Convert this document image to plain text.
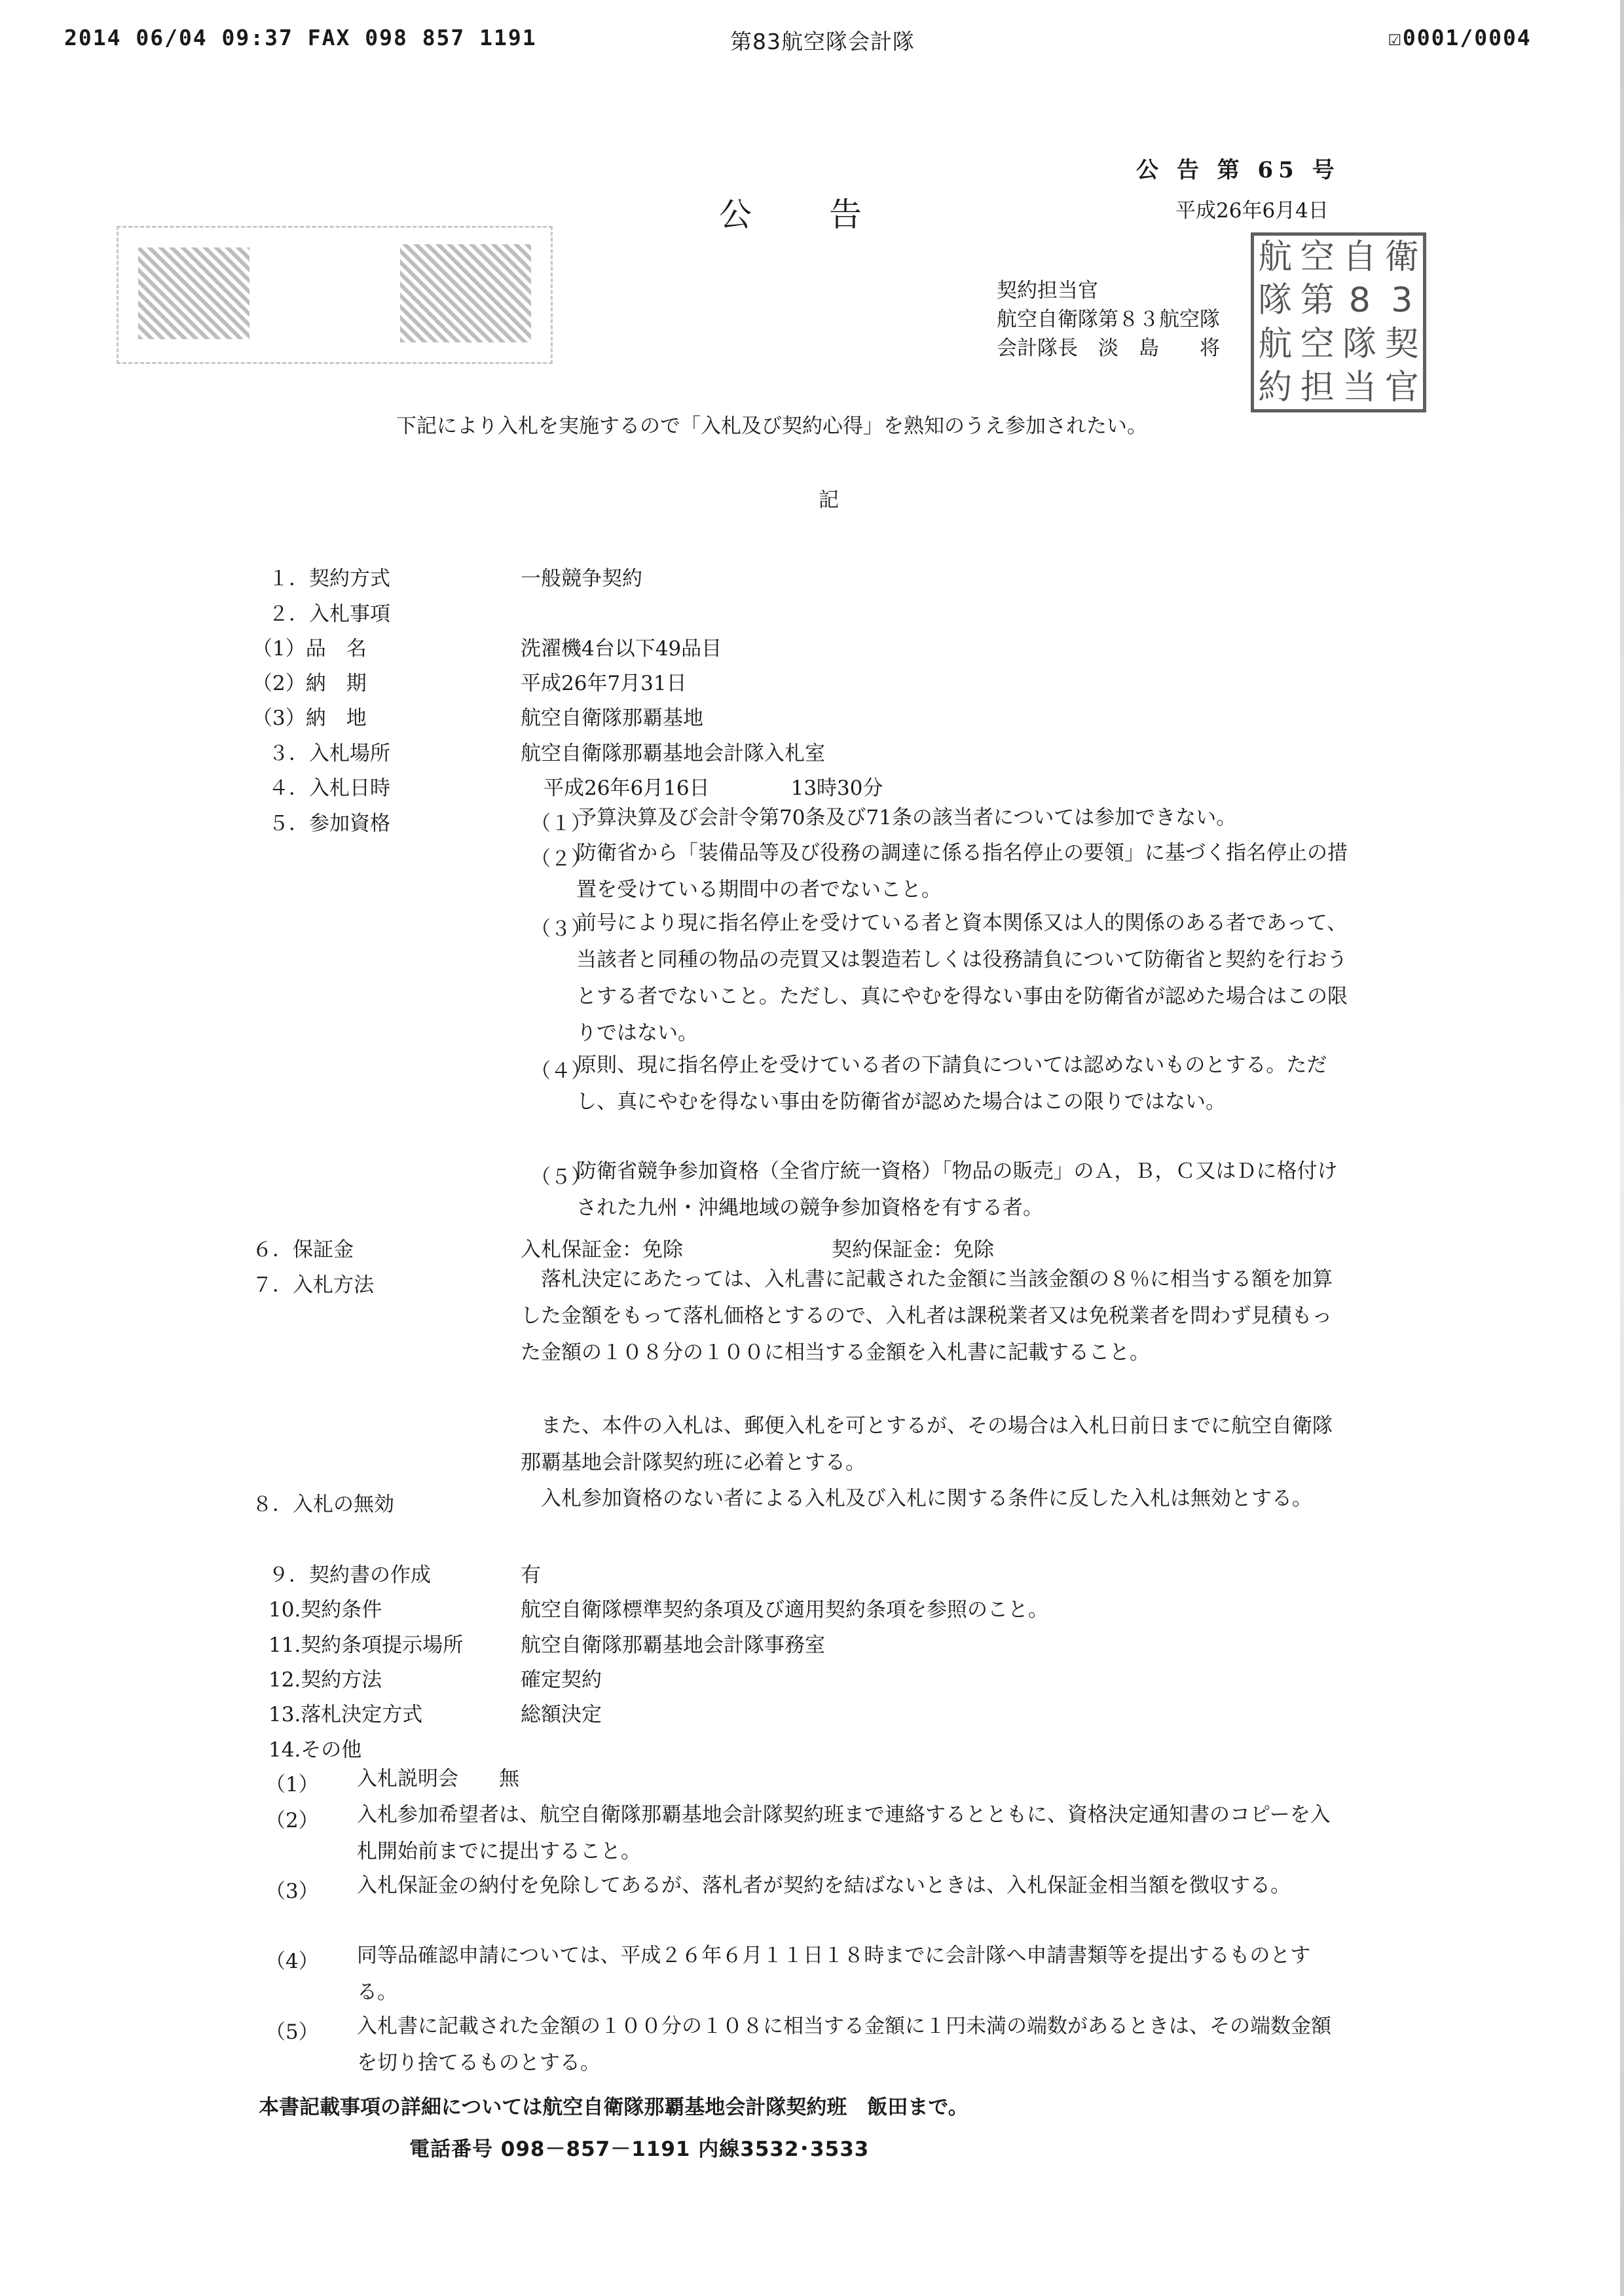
2014 06/04 09:37 FAX 098 857 1191	第83航空隊会計隊	☑0001/0004
公 告 第 65 号
公　　告	平成26年6月4日
契約担当官
航空自衛隊第８３航空隊
会計隊長　淡　島　　将
航 空 自 衛
隊 第 8 3
航 空 隊 契
約 担 当 官
下記により入札を実施するので「入札及び契約心得」を熟知のうえ参加されたい。
記
１．契約方式	一般競争契約
２．入札事項
（1）品　名	洗濯機4台以下49品目
（2）納　期	平成26年7月31日
（3）納　地	航空自衛隊那覇基地
３．入札場所	航空自衛隊那覇基地会計隊入札室
４．入札日時	平成26年6月16日　　　　13時30分
５．参加資格	（１）
予算決算及び会計令第70条及び71条の該当者については参加できない。
（２）
防衛省から「装備品等及び役務の調達に係る指名停止の要領」に基づく指名停止の措置を受けている期間中の者でないこと。
（３）
前号により現に指名停止を受けている者と資本関係又は人的関係のある者であって、当該者と同種の物品の売買又は製造若しくは役務請負について防衛省と契約を行おうとする者でないこと。ただし、真にやむを得ない事由を防衛省が認めた場合はこの限りではない。
（４）
原則、現に指名停止を受けている者の下請負については認めないものとする。ただし、真にやむを得ない事由を防衛省が認めた場合はこの限りではない。
（５）
防衛省競争参加資格（全省庁統一資格）「物品の販売」のＡ，Ｂ，Ｃ又はＤに格付けされた九州・沖縄地域の競争参加資格を有する者。
６．保証金	入札保証金：免除	契約保証金：免除
７．入札方法	落札決定にあたっては、入札書に記載された金額に当該金額の８％に相当する額を加算した金額をもって落札価格とするので、入札者は課税業者又は免税業者を問わず見積もった金額の１０８分の１００に相当する金額を入札書に記載すること。
また、本件の入札は、郵便入札を可とするが、その場合は入札日前日までに航空自衛隊那覇基地会計隊契約班に必着とする。
８．入札の無効	入札参加資格のない者による入札及び入札に関する条件に反した入札は無効とする。
９．契約書の作成	有
10.契約条件	航空自衛隊標準契約条項及び適用契約条項を参照のこと。
11.契約条項提示場所	航空自衛隊那覇基地会計隊事務室
12.契約方法	確定契約
13.落札決定方式	総額決定
14.その他
（1） 入札説明会　　無
（2） 入札参加希望者は、航空自衛隊那覇基地会計隊契約班まで連絡するとともに、資格決定通知書のコピーを入札開始前までに提出すること。
（3） 入札保証金の納付を免除してあるが、落札者が契約を結ばないときは、入札保証金相当額を徴収する。
（4） 同等品確認申請については、平成２６年６月１１日１８時までに会計隊へ申請書類等を提出するものとする。
（5） 入札書に記載された金額の１００分の１０８に相当する金額に１円未満の端数があるときは、その端数金額を切り捨てるものとする。
本書記載事項の詳細については航空自衛隊那覇基地会計隊契約班　飯田まで。
電話番号 098－857－1191 内線3532･3533
